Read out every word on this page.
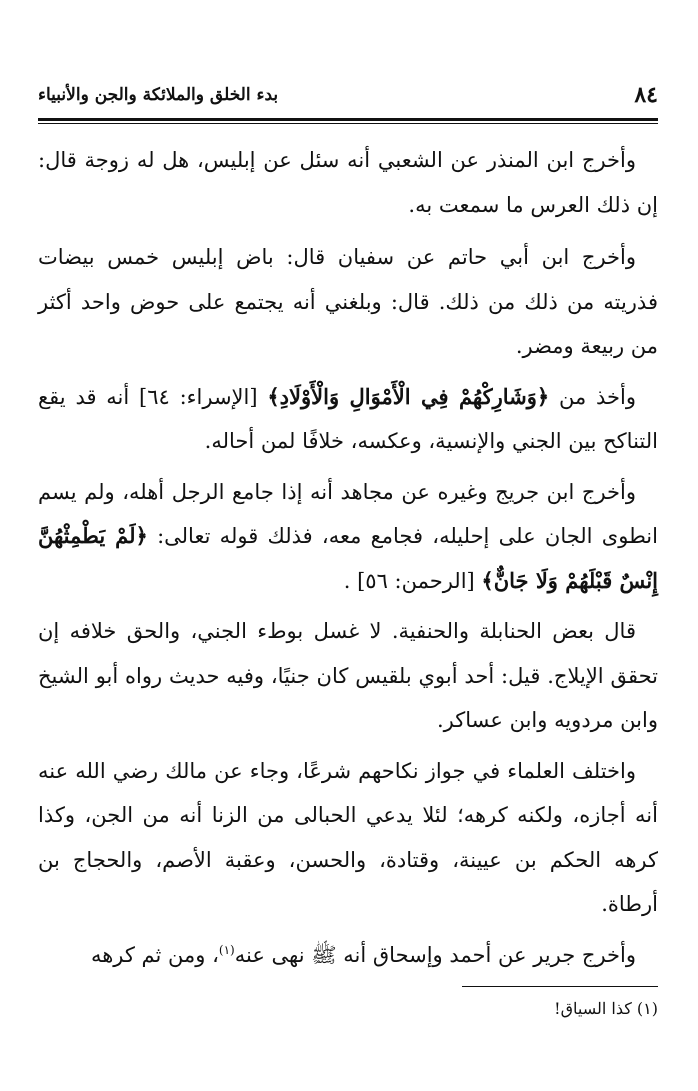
٨٤
بدء الخلق والملائكة والجن والأنبياء

وأخرج ابن المنذر عن الشعبي أنه سئل عن إبليس، هل له زوجة قال: إن ذلك العرس ما سمعت به.

وأخرج ابن أبي حاتم عن سفيان قال: باض إبليس خمس بيضات فذريته من ذلك من ذلك. قال: وبلغني أنه يجتمع على حوض واحد أكثر من ربيعة ومضر.

وأخذ من ﴿وَشَارِكْهُمْ فِي الْأَمْوَالِ وَالْأَوْلَادِ﴾ [الإسراء: ٦٤] أنه قد يقع التناكح بين الجني والإنسية، وعكسه، خلافًا لمن أحاله.

وأخرج ابن جريج وغيره عن مجاهد أنه إذا جامع الرجل أهله، ولم يسم انطوى الجان على إحليله، فجامع معه، فذلك قوله تعالى: ﴿لَمْ يَطْمِثْهُنَّ إِنْسٌ قَبْلَهُمْ وَلَا جَانٌّ﴾ [الرحمن: ٥٦] .

قال بعض الحنابلة والحنفية. لا غسل بوطء الجني، والحق خلافه إن تحقق الإيلاج. قيل: أحد أبوي بلقيس كان جنيًا، وفيه حديث رواه أبو الشيخ وابن مردويه وابن عساكر.

واختلف العلماء في جواز نكاحهم شرعًا، وجاء عن مالك رضي الله عنه أنه أجازه، ولكنه كرهه؛ لئلا يدعي الحبالى من الزنا أنه من الجن، وكذا كرهه الحكم بن عيينة، وقتادة، والحسن، وعقبة الأصم، والحجاج بن أرطاة.

وأخرج جرير عن أحمد وإسحاق أنه ﷺ نهى عنه$^{(١)}$، ومن ثم كرهه

(١) كذا السياق!
